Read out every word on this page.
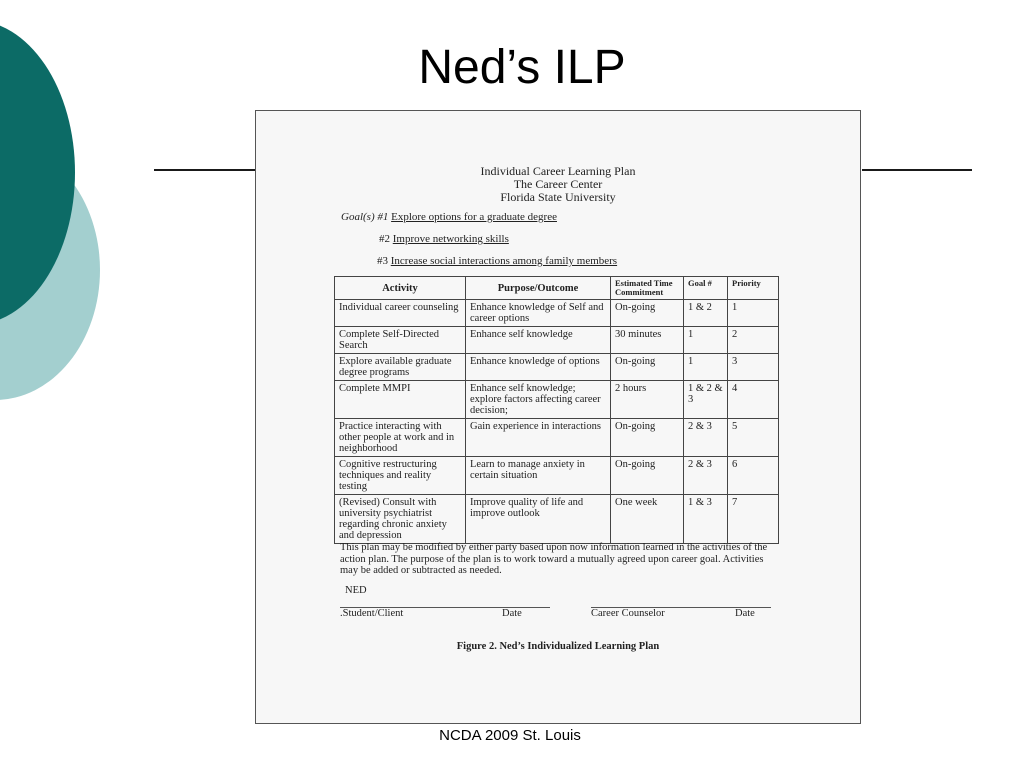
Ned’s ILP
Individual Career Learning Plan
The Career Center
Florida State University
Goal(s) #1 Explore options for a graduate degree
#2 Improve networking skills
#3 Increase social interactions among family members
Activity	Purpose/Outcome	Estimated Time Commitment	Goal #	Priority
Individual career counseling	Enhance knowledge of Self and career options	On-going	1 & 2	1
Complete Self-Directed Search	Enhance self knowledge	30 minutes	1	2
Explore available graduate degree programs	Enhance knowledge of options	On-going	1	3
Complete MMPI	Enhance self knowledge; explore factors affecting career decision;	2 hours	1 & 2 & 3	4
Practice interacting with other people at work and in neighborhood	Gain experience in interactions	On-going	2 & 3	5
Cognitive restructuring techniques and reality testing	Learn to manage anxiety in certain situation	On-going	2 & 3	6
(Revised) Consult with university psychiatrist regarding chronic anxiety and depression	Improve quality of life and improve outlook	One week	1 & 3	7
This plan may be modified by either party based upon now information learned in the activities of the action plan. The purpose of the plan is to work toward a mutually agreed upon career goal. Activities may be added or subtracted as needed.
NED
.Student/Client	Date	Career Counselor	Date
Figure 2. Ned’s Individualized Learning Plan
NCDA 2009 St. Louis
